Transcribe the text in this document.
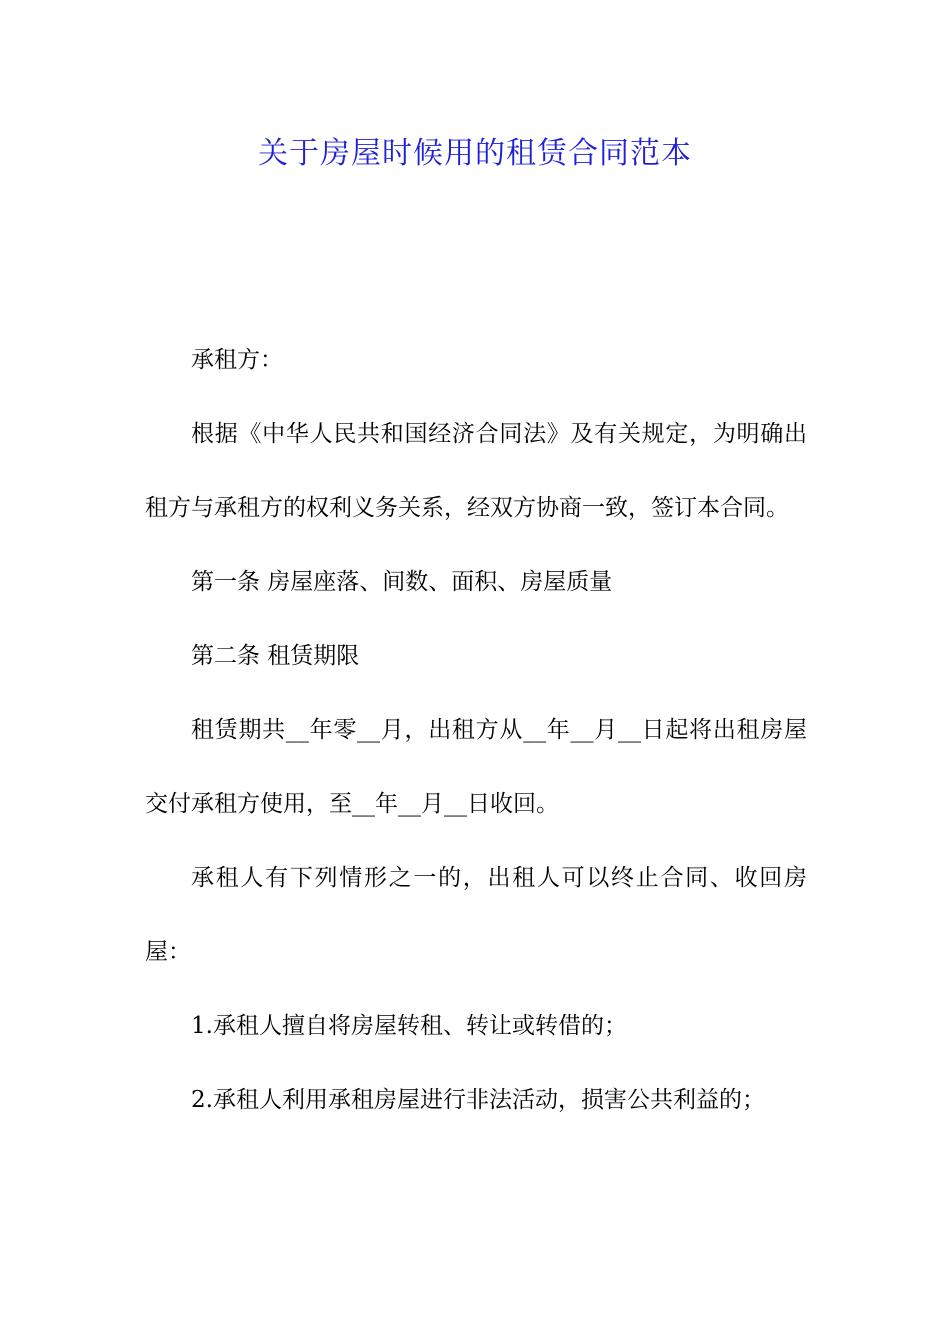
关于房屋时候用的租赁合同范本

承租方：

根据《中华人民共和国经济合同法》及有关规定，为明确出租方与承租方的权利义务关系，经双方协商一致，签订本合同。

第一条 房屋座落、间数、面积、房屋质量

第二条 租赁期限

租赁期共__年零__月，出租方从__年__月__日起将出租房屋交付承租方使用，至__年__月__日收回。

承租人有下列情形之一的，出租人可以终止合同、收回房屋：

1.承租人擅自将房屋转租、转让或转借的；

2.承租人利用承租房屋进行非法活动，损害公共利益的；
